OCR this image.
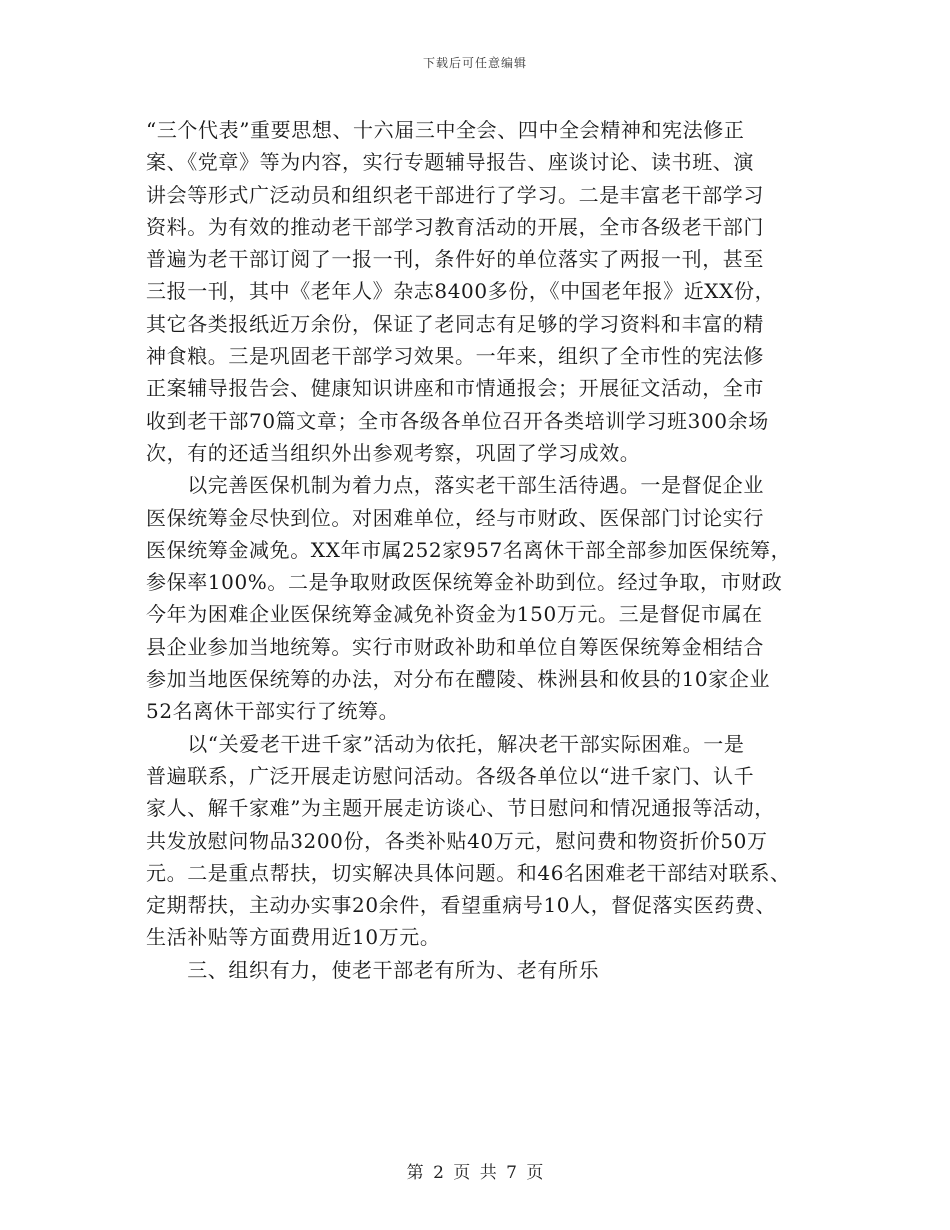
下载后可任意编辑
“三个代表”重要思想、十六届三中全会、四中全会精神和宪法修正
案、《党章》等为内容，实行专题辅导报告、座谈讨论、读书班、演
讲会等形式广泛动员和组织老干部进行了学习。二是丰富老干部学习
资料。为有效的推动老干部学习教育活动的开展，全市各级老干部门
普遍为老干部订阅了一报一刊，条件好的单位落实了两报一刊，甚至
三报一刊，其中《老年人》杂志8400多份，《中国老年报》近XX份，
其它各类报纸近万余份，保证了老同志有足够的学习资料和丰富的精
神食粮。三是巩固老干部学习效果。一年来，组织了全市性的宪法修
正案辅导报告会、健康知识讲座和市情通报会；开展征文活动，全市
收到老干部70篇文章；全市各级各单位召开各类培训学习班300余场
次，有的还适当组织外出参观考察，巩固了学习成效。
　　以完善医保机制为着力点，落实老干部生活待遇。一是督促企业
医保统筹金尽快到位。对困难单位，经与市财政、医保部门讨论实行
医保统筹金减免。XX年市属252家957名离休干部全部参加医保统筹，
参保率100%。二是争取财政医保统筹金补助到位。经过争取，市财政
今年为困难企业医保统筹金减免补资金为150万元。三是督促市属在
县企业参加当地统筹。实行市财政补助和单位自筹医保统筹金相结合
参加当地医保统筹的办法，对分布在醴陵、株洲县和攸县的10家企业
52名离休干部实行了统筹。
　　以“关爱老干进千家”活动为依托，解决老干部实际困难。一是
普遍联系，广泛开展走访慰问活动。各级各单位以“进千家门、认千
家人、解千家难”为主题开展走访谈心、节日慰问和情况通报等活动，
共发放慰问物品3200份，各类补贴40万元，慰问费和物资折价50万
元。二是重点帮扶，切实解决具体问题。和46名困难老干部结对联系、
定期帮扶，主动办实事20余件，看望重病号10人，督促落实医药费、
生活补贴等方面费用近10万元。
　　三、组织有力，使老干部老有所为、老有所乐
第 2 页 共 7 页
